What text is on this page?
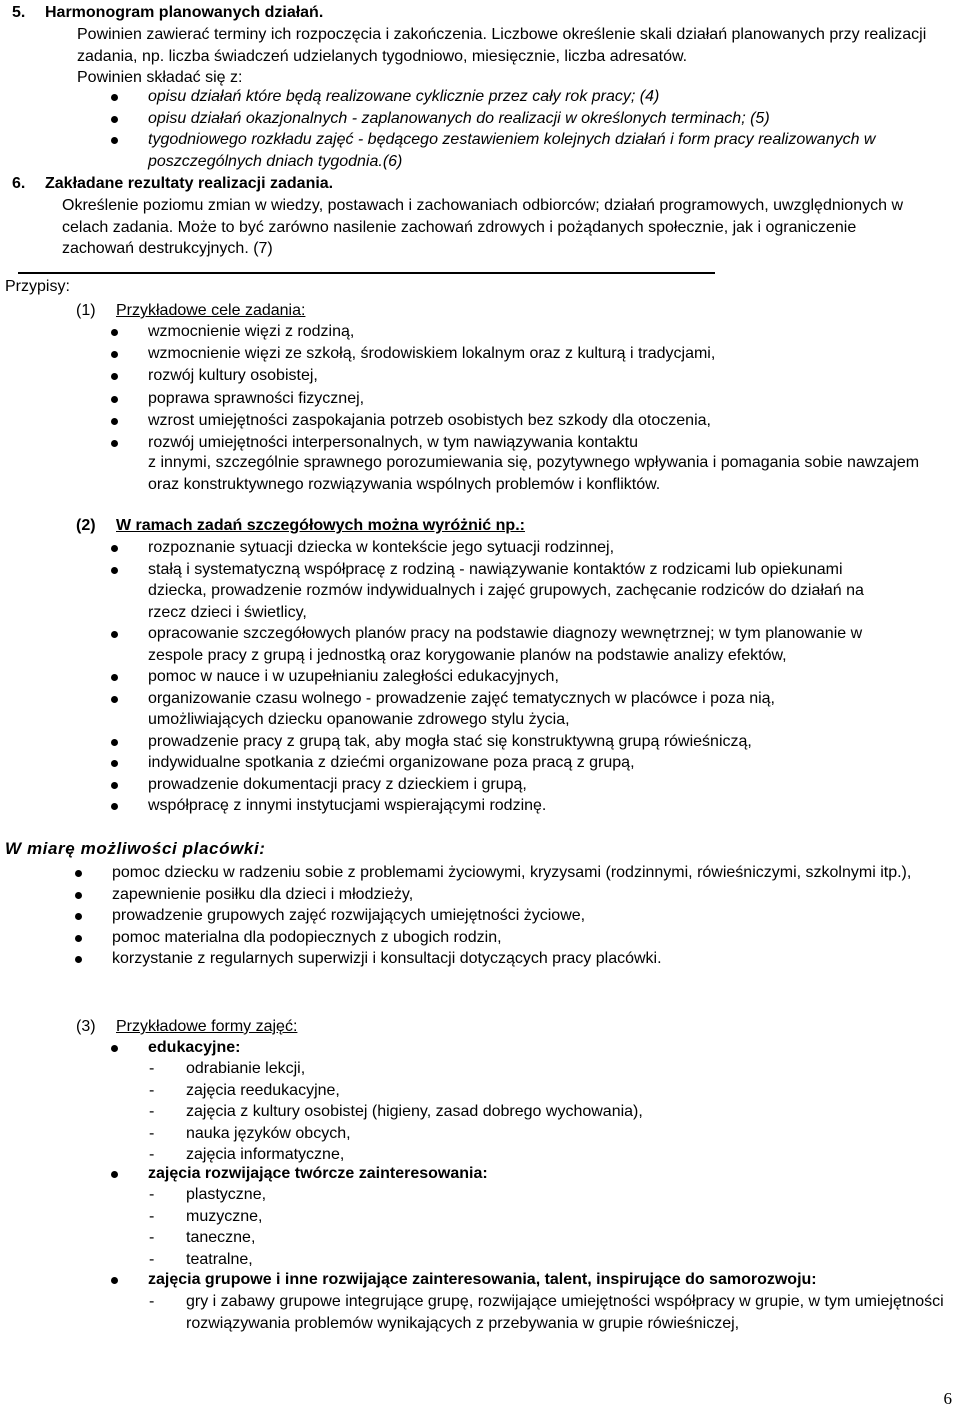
5. Harmonogram planowanych działań.
Powinien zawierać terminy ich rozpoczęcia i zakończenia. Liczbowe określenie skali działań planowanych przy realizacji zadania, np. liczba świadczeń udzielanych tygodniowo, miesięcznie, liczba adresatów.
Powinien składać się z:
opisu działań które będą realizowane cyklicznie przez cały rok pracy; (4)
opisu działań okazjonalnych - zaplanowanych do realizacji w określonych terminach; (5)
tygodniowego rozkładu zajęć - będącego zestawieniem kolejnych działań i form pracy realizowanych w poszczególnych dniach tygodnia.(6)
6. Zakładane rezultaty realizacji zadania.
Określenie poziomu zmian w wiedzy, postawach i zachowaniach odbiorców; działań programowych, uwzględnionych w celach zadania. Może to być zarówno nasilenie zachowań zdrowych i pożądanych społecznie, jak i ograniczenie zachowań destrukcyjnych. (7)
Przypisy:
(1) Przykładowe cele zadania:
wzmocnienie więzi z rodziną,
wzmocnienie więzi ze szkołą, środowiskiem lokalnym oraz z kulturą i tradycjami,
rozwój kultury osobistej,
poprawa sprawności fizycznej,
wzrost umiejętności zaspokajania potrzeb osobistych bez szkody dla otoczenia,
rozwój umiejętności interpersonalnych, w tym nawiązywania kontaktu
z innymi, szczególnie sprawnego porozumiewania się, pozytywnego wpływania i pomagania sobie nawzajem oraz konstruktywnego rozwiązywania wspólnych problemów i konfliktów.
(2) W ramach zadań szczegółowych można wyróżnić np.:
rozpoznanie sytuacji dziecka w kontekście jego sytuacji rodzinnej,
stałą i systematyczną współpracę z rodziną - nawiązywanie kontaktów z rodzicami lub opiekunami dziecka, prowadzenie rozmów indywidualnych i zajęć grupowych, zachęcanie rodziców do działań na rzecz dzieci i świetlicy,
opracowanie szczegółowych planów pracy na podstawie diagnozy wewnętrznej; w tym planowanie w zespole pracy z grupą i jednostką oraz korygowanie planów na podstawie analizy efektów,
pomoc w nauce i w uzupełnianiu zaległości edukacyjnych,
organizowanie czasu wolnego - prowadzenie zajęć tematycznych w placówce i poza nią, umożliwiających dziecku opanowanie zdrowego stylu życia,
prowadzenie pracy z grupą tak, aby mogła stać się konstruktywną grupą rówieśniczą,
indywidualne spotkania z dziećmi organizowane poza pracą z grupą,
prowadzenie dokumentacji pracy z dzieckiem i grupą,
współpracę z innymi instytucjami wspierającymi rodzinę.
W miarę możliwości placówki:
pomoc dziecku w radzeniu sobie z problemami życiowymi, kryzysami (rodzinnymi, rówieśniczymi, szkolnymi itp.),
zapewnienie posiłku dla dzieci i młodzieży,
prowadzenie grupowych zajęć rozwijających umiejętności życiowe,
pomoc materialna dla podopiecznych z ubogich rodzin,
korzystanie z regularnych superwizji i konsultacji dotyczących pracy placówki.
(3) Przykładowe formy zajęć:
edukacyjne:
- odrabianie lekcji,
- zajęcia reedukacyjne,
- zajęcia z kultury osobistej (higieny, zasad dobrego wychowania),
- nauka języków obcych,
- zajęcia informatyczne,
zajęcia rozwijające twórcze zainteresowania:
- plastyczne,
- muzyczne,
- taneczne,
- teatralne,
zajęcia grupowe i inne rozwijające zainteresowania, talent, inspirujące do samorozwoju:
- gry i zabawy grupowe integrujące grupę, rozwijające umiejętności współpracy w grupie, w tym umiejętności rozwiązywania problemów wynikających z przebywania w grupie rówieśniczej,
6
